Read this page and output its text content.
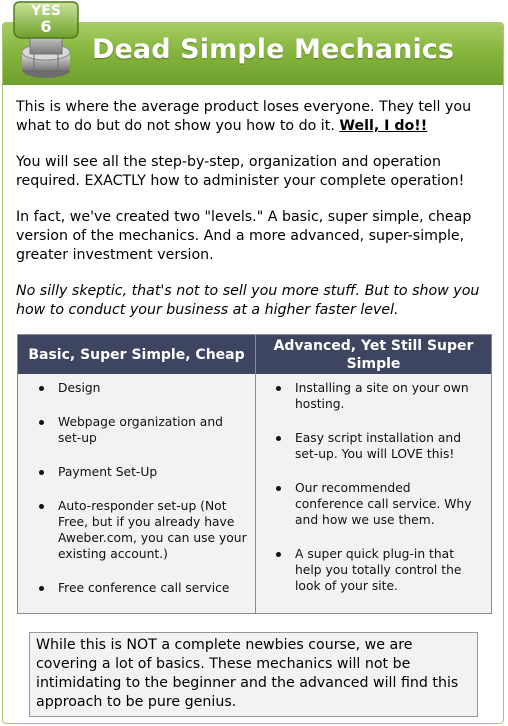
Dead Simple Mechanics
YES
6

This is where the average product loses everyone. They tell you what to do but do not show you how to do it. Well, I do!!

You will see all the step-by-step, organization and operation required. EXACTLY how to administer your complete operation!

In fact, we've created two "levels." A basic, super simple, cheap version of the mechanics. And a more advanced, super-simple, greater investment version.

No silly skeptic, that's not to sell you more stuff. But to show you how to conduct your business at a higher faster level.

Basic, Super Simple, Cheap
Advanced, Yet Still Super Simple
Design
Webpage organization and set-up
Payment Set-Up
Auto-responder set-up (Not Free, but if you already have Aweber.com, you can use your existing account.)
Free conference call service
Installing a site on your own hosting.
Easy script installation and set-up. You will LOVE this!
Our recommended conference call service. Why and how we use them.
A super quick plug-in that help you totally control the look of your site.
While this is NOT a complete newbies course, we are covering a lot of basics. These mechanics will not be intimidating to the beginner and the advanced will find this approach to be pure genius.
